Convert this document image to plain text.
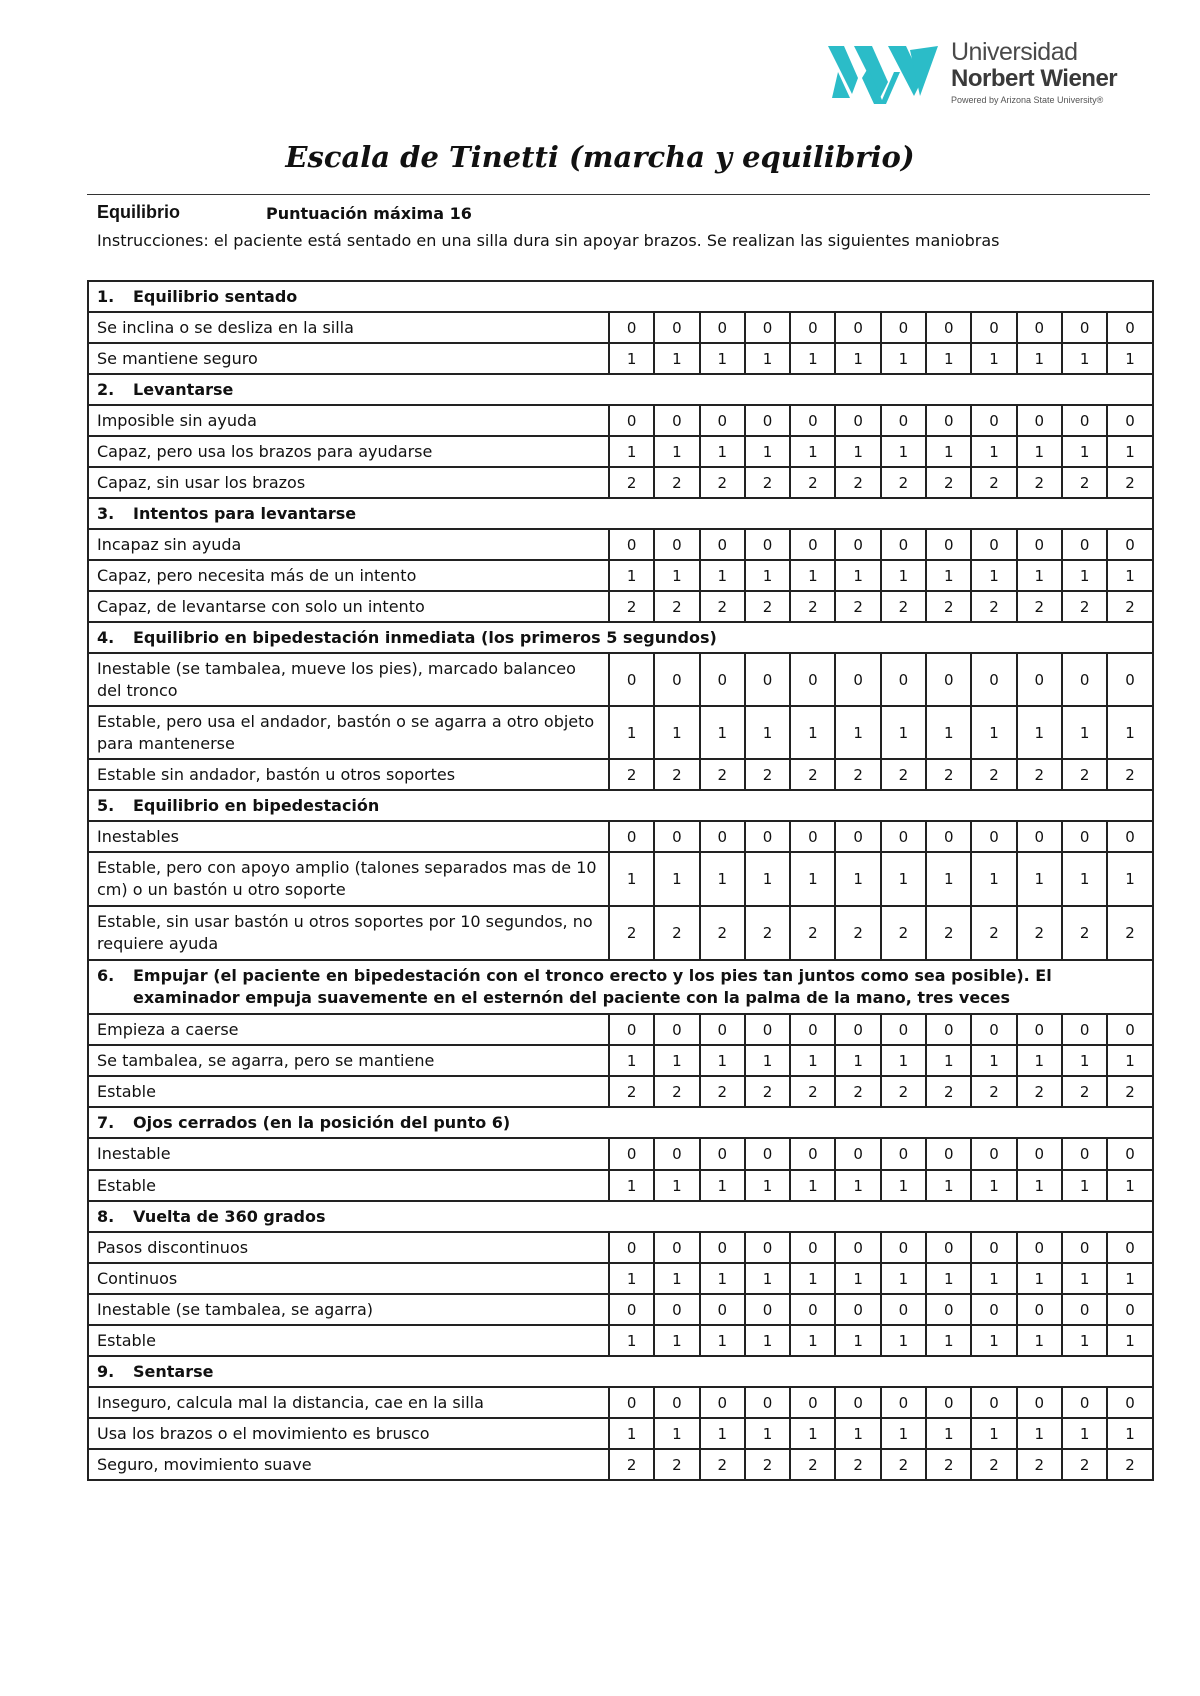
Universidad
Norbert Wiener
Powered by Arizona State University®
Escala de Tinetti (marcha y equilibrio)
Equilibrio	Puntuación máxima 16
Instrucciones: el paciente está sentado en una silla dura sin apoyar brazos. Se realizan las siguientes maniobras
1. Equilibrio sentado												
Se inclina o se desliza en la silla	0	0	0	0	0	0	0	0	0	0	0	0
Se mantiene seguro	1	1	1	1	1	1	1	1	1	1	1	1
2. Levantarse												
Imposible sin ayuda	0	0	0	0	0	0	0	0	0	0	0	0
Capaz, pero usa los brazos para ayudarse	1	1	1	1	1	1	1	1	1	1	1	1
Capaz, sin usar los brazos	2	2	2	2	2	2	2	2	2	2	2	2
3. Intentos para levantarse												
Incapaz sin ayuda	0	0	0	0	0	0	0	0	0	0	0	0
Capaz, pero necesita más de un intento	1	1	1	1	1	1	1	1	1	1	1	1
Capaz, de levantarse con solo un intento	2	2	2	2	2	2	2	2	2	2	2	2
4. Equilibrio en bipedestación inmediata (los primeros 5 segundos)												
Inestable (se tambalea, mueve los pies), marcado balanceo del tronco	0	0	0	0	0	0	0	0	0	0	0	0
Estable, pero usa el andador, bastón o se agarra a otro objeto para mantenerse	1	1	1	1	1	1	1	1	1	1	1	1
Estable sin andador, bastón u otros soportes	2	2	2	2	2	2	2	2	2	2	2	2
5. Equilibrio en bipedestación												
Inestables	0	0	0	0	0	0	0	0	0	0	0	0
Estable, pero con apoyo amplio (talones separados mas de 10 cm) o un bastón u otro soporte	1	1	1	1	1	1	1	1	1	1	1	1
Estable, sin usar bastón u otros soportes por 10 segundos, no requiere ayuda	2	2	2	2	2	2	2	2	2	2	2	2
6. Empujar (el paciente en bipedestación con el tronco erecto y los pies tan juntos como sea posible). El examinador empuja suavemente en el esternón del paciente con la palma de la mano, tres veces												
Empieza a caerse	0	0	0	0	0	0	0	0	0	0	0	0
Se tambalea, se agarra, pero se mantiene	1	1	1	1	1	1	1	1	1	1	1	1
Estable	2	2	2	2	2	2	2	2	2	2	2	2
7. Ojos cerrados (en la posición del punto 6)												
Inestable	0	0	0	0	0	0	0	0	0	0	0	0
Estable	1	1	1	1	1	1	1	1	1	1	1	1
8. Vuelta de 360 grados												
Pasos discontinuos	0	0	0	0	0	0	0	0	0	0	0	0
Continuos	1	1	1	1	1	1	1	1	1	1	1	1
Inestable (se tambalea, se agarra)	0	0	0	0	0	0	0	0	0	0	0	0
Estable	1	1	1	1	1	1	1	1	1	1	1	1
9. Sentarse												
Inseguro, calcula mal la distancia, cae en la silla	0	0	0	0	0	0	0	0	0	0	0	0
Usa los brazos o el movimiento es brusco	1	1	1	1	1	1	1	1	1	1	1	1
Seguro, movimiento suave	2	2	2	2	2	2	2	2	2	2	2	2
